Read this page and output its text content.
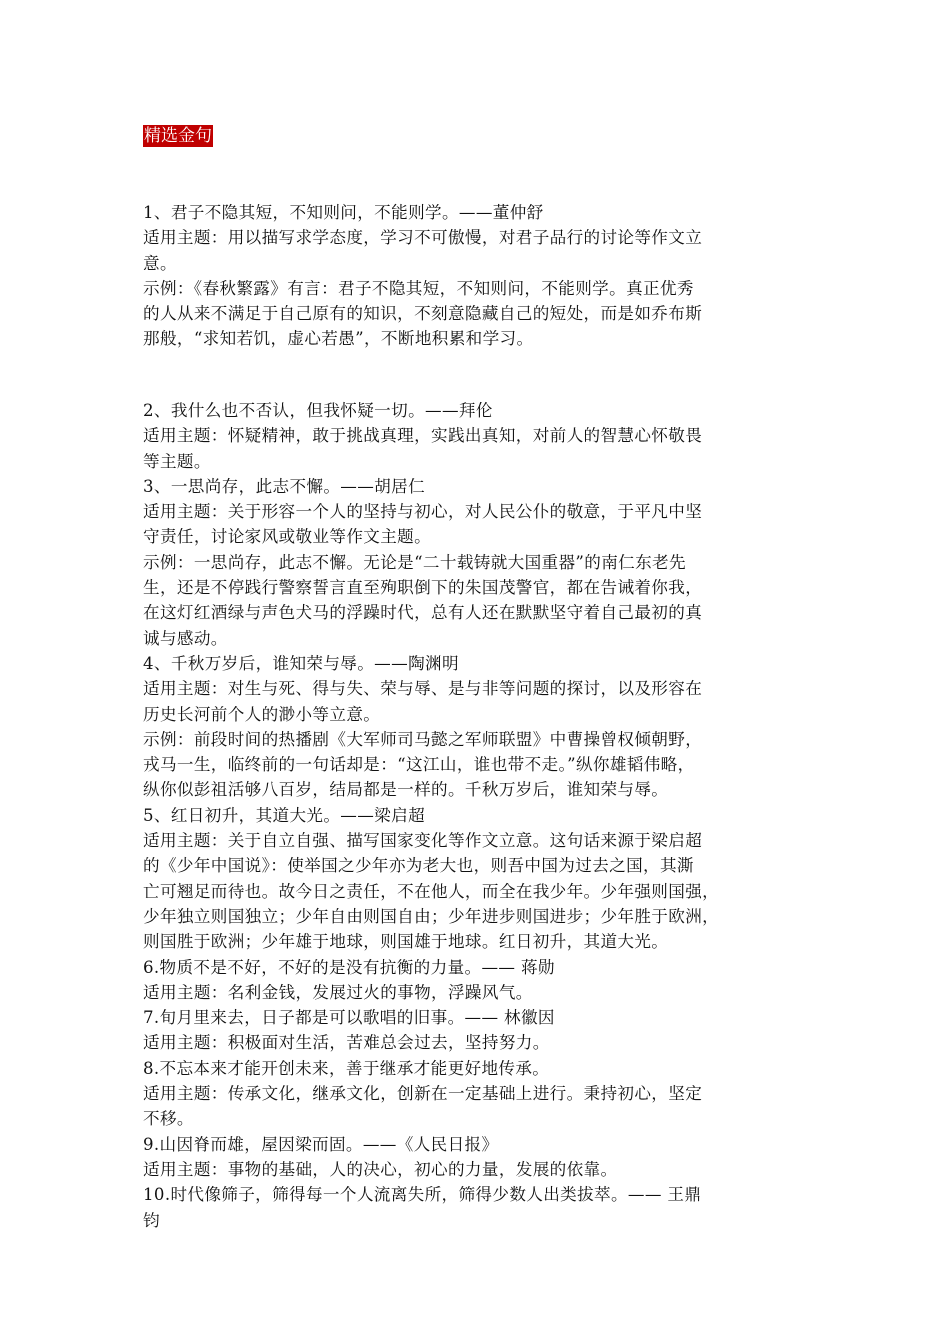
精选金句
1、君子不隐其短，不知则问，不能则学。——董仲舒
适用主题：用以描写求学态度，学习不可傲慢，对君子品行的讨论等作文立
意。
示例：《春秋繁露》有言：君子不隐其短，不知则问，不能则学。真正优秀
的人从来不满足于自己原有的知识，不刻意隐藏自己的短处，而是如乔布斯
那般，“求知若饥，虚心若愚”，不断地积累和学习。
2、我什么也不否认，但我怀疑一切。——拜伦
适用主题：怀疑精神，敢于挑战真理，实践出真知，对前人的智慧心怀敬畏
等主题。
3、一思尚存，此志不懈。——胡居仁
适用主题：关于形容一个人的坚持与初心，对人民公仆的敬意，于平凡中坚
守责任，讨论家风或敬业等作文主题。
示例：一思尚存，此志不懈。无论是“二十载铸就大国重器”的南仁东老先
生，还是不停践行警察誓言直至殉职倒下的朱国茂警官，都在告诫着你我，
在这灯红酒绿与声色犬马的浮躁时代，总有人还在默默坚守着自己最初的真
诚与感动。
4、千秋万岁后，谁知荣与辱。——陶渊明
适用主题：对生与死、得与失、荣与辱、是与非等问题的探讨，以及形容在
历史长河前个人的渺小等立意。
示例：前段时间的热播剧《大军师司马懿之军师联盟》中曹操曾权倾朝野，
戎马一生，临终前的一句话却是：“这江山，谁也带不走。”纵你雄韬伟略，
纵你似彭祖活够八百岁，结局都是一样的。千秋万岁后，谁知荣与辱。
5、红日初升，其道大光。——梁启超
适用主题：关于自立自强、描写国家变化等作文立意。这句话来源于梁启超
的《少年中国说》：使举国之少年亦为老大也，则吾中国为过去之国，其澌
亡可翘足而待也。故今日之责任，不在他人，而全在我少年。少年强则国强，
少年独立则国独立；少年自由则国自由；少年进步则国进步；少年胜于欧洲，
则国胜于欧洲；少年雄于地球，则国雄于地球。红日初升，其道大光。
6.物质不是不好，不好的是没有抗衡的力量。—— 蒋勋
适用主题：名利金钱，发展过火的事物，浮躁风气。
7.旬月里来去，日子都是可以歌唱的旧事。—— 林徽因
适用主题：积极面对生活，苦难总会过去，坚持努力。
8.不忘本来才能开创未来，善于继承才能更好地传承。
适用主题：传承文化，继承文化，创新在一定基础上进行。秉持初心，坚定
不移。
9.山因脊而雄，屋因梁而固。——《人民日报》
适用主题：事物的基础，人的决心，初心的力量，发展的依靠。
10.时代像筛子，筛得每一个人流离失所，筛得少数人出类拔萃。—— 王鼎
钧
